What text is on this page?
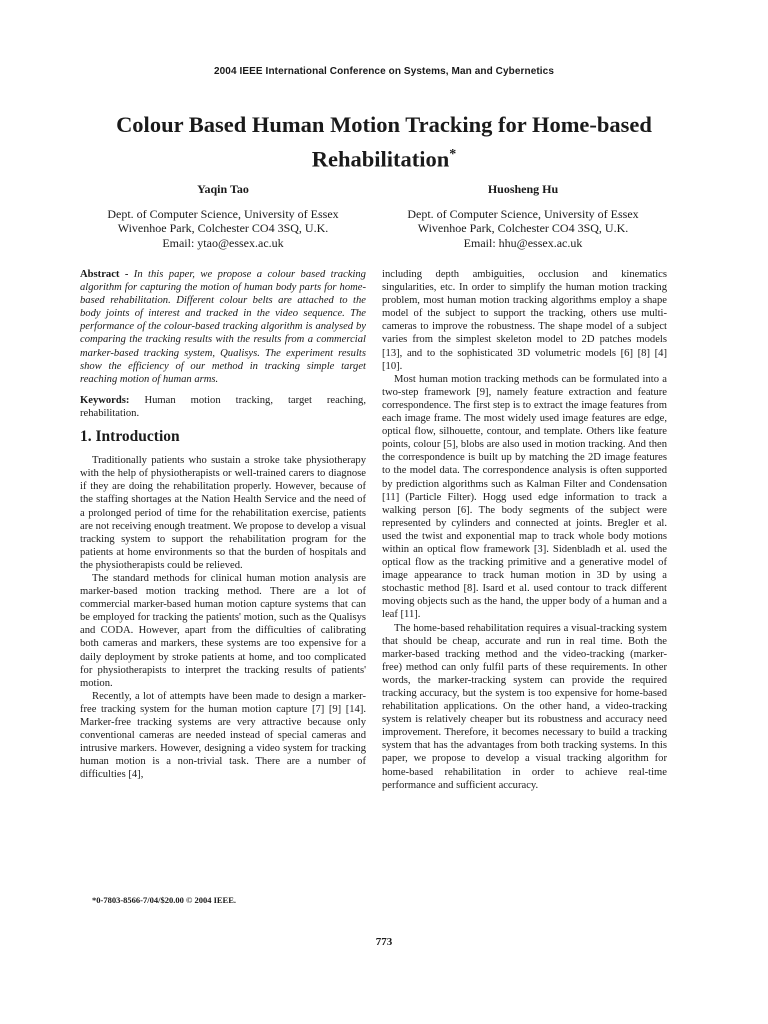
2004 IEEE International Conference on Systems, Man and Cybernetics
Colour Based Human Motion Tracking for Home-based
Rehabilitation*
Yaqin Tao
Dept. of Computer Science, University of Essex
Wivenhoe Park, Colchester CO4 3SQ, U.K.
Email: ytao@essex.ac.uk
Huosheng Hu
Dept. of Computer Science, University of Essex
Wivenhoe Park, Colchester CO4 3SQ, U.K.
Email: hhu@essex.ac.uk

Abstract - In this paper, we propose a colour based tracking algorithm for capturing the motion of human body parts for home-based rehabilitation. Different colour belts are attached to the body joints of interest and tracked in the video sequence. The performance of the colour-based tracking algorithm is analysed by comparing the tracking results with the results from a commercial marker-based tracking system, Qualisys. The experiment results show the efficiency of our method in tracking simple target reaching motion of human arms.

Keywords: Human motion tracking, target reaching, rehabilitation.

1. Introduction

Traditionally patients who sustain a stroke take physiotherapy with the help of physiotherapists or well-trained carers to diagnose if they are doing the rehabilitation properly. However, because of the staffing shortages at the Nation Health Service and the need of a prolonged period of time for the rehabilitation exercise, patients are not receiving enough treatment. We propose to develop a visual tracking system to support the rehabilitation program for the patients at home environments so that the burden of hospitals and the physiotherapists could be relieved.

The standard methods for clinical human motion analysis are marker-based motion tracking method. There are a lot of commercial marker-based human motion capture systems that can be employed for tracking the patients' motion, such as the Qualisys and CODA. However, apart from the difficulties of calibrating both cameras and markers, these systems are too expensive for a daily deployment by stroke patients at home, and too complicated for physiotherapists to interpret the tracking results of patients' motion.

Recently, a lot of attempts have been made to design a marker-free tracking system for the human motion capture [7] [9] [14]. Marker-free tracking systems are very attractive because only conventional cameras are needed instead of special cameras and intrusive markers. However, designing a video system for tracking human motion is a non-trivial task. There are a number of difficulties [4],

including depth ambiguities, occlusion and kinematics singularities, etc. In order to simplify the human motion tracking problem, most human motion tracking algorithms employ a shape model of the subject to support the tracking, others use multi-cameras to improve the robustness. The shape model of a subject varies from the simplest skeleton model to 2D patches models [13], and to the sophisticated 3D volumetric models [6] [8] [4] [10].

Most human motion tracking methods can be formulated into a two-step framework [9], namely feature extraction and feature correspondence. The first step is to extract the image features from each image frame. The most widely used image features are edge, optical flow, silhouette, contour, and template. Others like feature points, colour [5], blobs are also used in motion tracking. And then the correspondence is built up by matching the 2D image features to the model data. The correspondence analysis is often supported by prediction algorithms such as Kalman Filter and Condensation [11] (Particle Filter). Hogg used edge information to track a walking person [6]. The body segments of the subject were represented by cylinders and connected at joints. Bregler et al. used the twist and exponential map to track whole body motions within an optical flow framework [3]. Sidenbladh et al. used the optical flow as the tracking primitive and a generative model of image appearance to track human motion in 3D by using a stochastic method [8]. Isard et al. used contour to track different moving objects such as the hand, the upper body of a human and a leaf [11].

The home-based rehabilitation requires a visual-tracking system that should be cheap, accurate and run in real time. Both the marker-based tracking method and the video-tracking (marker-free) method can only fulfil parts of these requirements. In other words, the marker-tracking system can provide the required tracking accuracy, but the system is too expensive for home-based rehabilitation applications. On the other hand, a video-tracking system is relatively cheaper but its robustness and accuracy need improvement. Therefore, it becomes necessary to build a tracking system that has the advantages from both tracking systems. In this paper, we propose to develop a visual tracking algorithm for home-based rehabilitation in order to achieve real-time performance and sufficient accuracy.

*0-7803-8566-7/04/$20.00 © 2004 IEEE.
773
